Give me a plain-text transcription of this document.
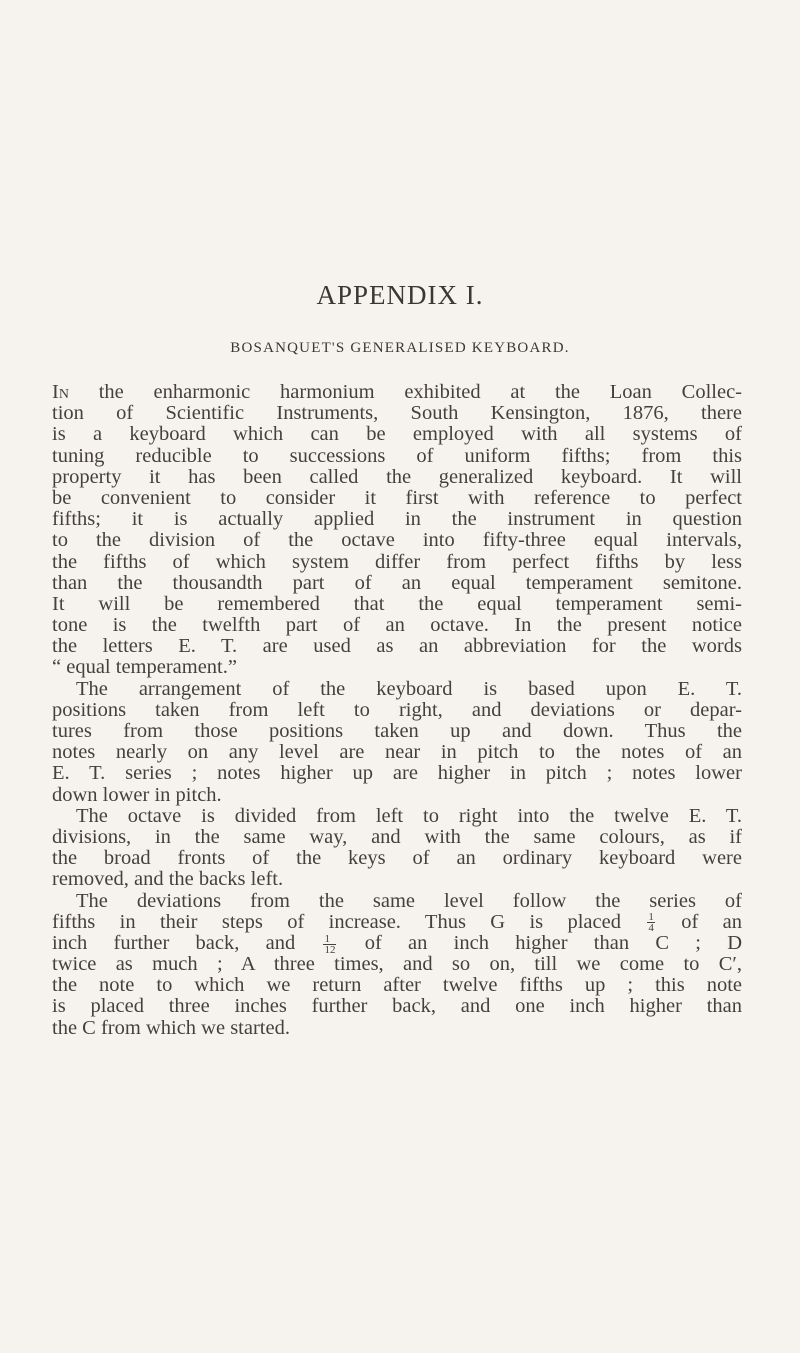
APPENDIX I.
BOSANQUET'S GENERALISED KEYBOARD.
In the enharmonic harmonium exhibited at the Loan Collec-
tion of Scientific Instruments, South Kensington, 1876, there
is a keyboard which can be employed with all systems of
tuning reducible to successions of uniform fifths; from this
property it has been called the generalized keyboard. It will
be convenient to consider it first with reference to perfect
fifths; it is actually applied in the instrument in question
to the division of the octave into fifty-three equal intervals,
the fifths of which system differ from perfect fifths by less
than the thousandth part of an equal temperament semitone.
It will be remembered that the equal temperament semi-
tone is the twelfth part of an octave. In the present notice
the letters E. T. are used as an abbreviation for the words
“ equal temperament.”
The arrangement of the keyboard is based upon E. T.
positions taken from left to right, and deviations or depar-
tures from those positions taken up and down. Thus the
notes nearly on any level are near in pitch to the notes of an
E. T. series ; notes higher up are higher in pitch ; notes lower
down lower in pitch.
The octave is divided from left to right into the twelve E. T.
divisions, in the same way, and with the same colours, as if
the broad fronts of the keys of an ordinary keyboard were
removed, and the backs left.
The deviations from the same level follow the series of
fifths in their steps of increase. Thus G is placed $\frac{1}{4}$ of an
inch further back, and	$\frac{1}{12}$ of an inch higher than C ; D
twice as much ; A three times, and so on, till we come to C′,
the note to which we return after twelve fifths up ; this note
is placed three inches further back, and one inch higher than
the C from which we started.
